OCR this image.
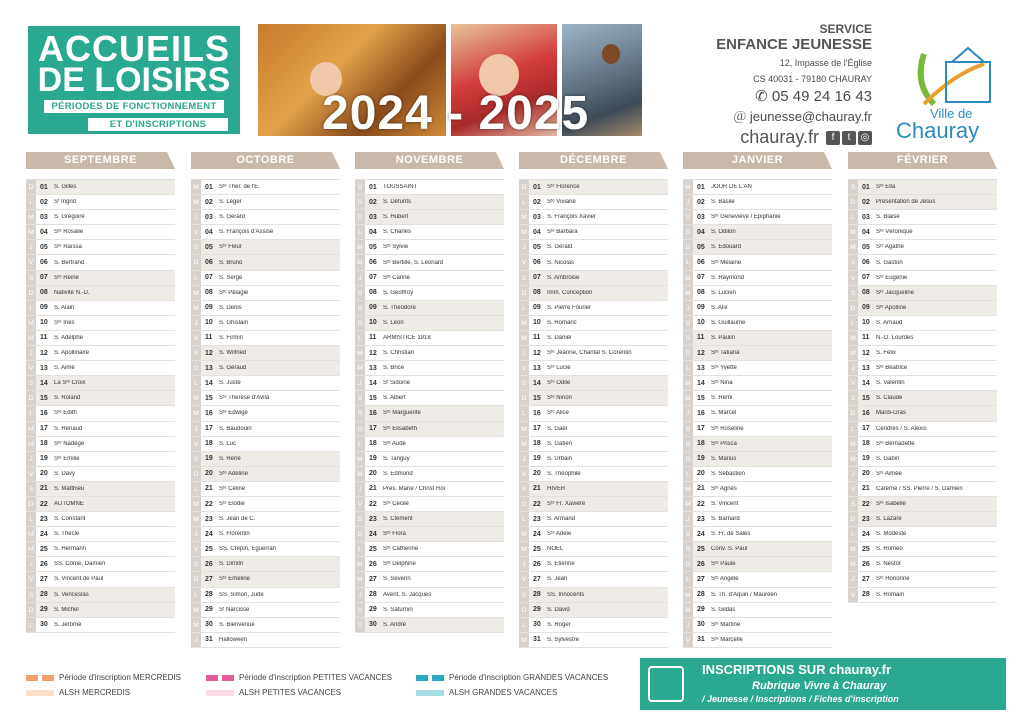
ACCUEILS
DE LOISIRS
PÉRIODES DE FONCTIONNEMENT
ET D'INSCRIPTIONS	2024 - 2025
SERVICE
ENFANCE JEUNESSE
12, Impasse de l'Église
CS 40031 - 79180 CHAURAY
✆ 05 49 24 16 43
＠ jeunesse@chauray.fr
chauray.fr f t ◎
Ville de
Chauray
SEPTEMBRE
D 01	S. Gilles
L	02	Sᵗ Ingrid
M 03	S. Grégoire
M 04	Sᵗᵉ Rosalie
J	05	Sᵗᵉ Raïssa
V 06	S. Bertrand
S 07	Sᵗᵉ Reine
D 08	Nativité N.-D.
L	09	S. Alain
M 10	Sᵗᵉ Inès
M 11	S. Adelphe
J	12	S. Apollinaire
V 13	S. Aimé
S 14	La Sᵗᵉ Croix
D 15	S. Roland
L	16	Sᵗᵉ Édith
M 17	S. Renaud
M 18	Sᵗᵉ Nadège
J	19	Sᵗᵉ Émilie
V 20	S. Davy
S 21	S. Matthieu
D 22	AUTOMNE
L	23	S. Constant
M 24	S. Thècle
M 25	S. Hermann
J	26	SS. Côme, Damien
V 27	S. Vincent de Paul
S 28	S. Venceslas
D 29	S. Michel
L	30	S. Jérôme
OCTOBRE
M 01	Sᵗᵉ Thér. de l'E.
M 02	S. Léger
J	03	S. Gérard
V 04	S. François d'Assise
S 05	Sᵗᵉ Fleur
D 06	S. Bruno
L	07	S. Serge
M 08	Sᵗᵉ Pélagie
M 09	S. Denis
J	10	S. Ghislain
V 11	S. Firmin
S 12	S. Wilfried
D 13	S. Géraud
L	14	S. Juste
M 15	Sᵗᵉ Thérèse d'Avila
M 16	Sᵗᵉ Edwige
J	17	S. Baudouin
V 18	S. Luc
S 19	S. René
D 20	Sᵗᵉ Adeline
L	21	Sᵗᵉ Céline
M 22	Sᵗᵉ Élodie
M 23	S. Jean de C.
J	24	S. Florentin
V 25	SS. Crépin, Eguerran
S 26	S. Dimitri
D 27	Sᵗᵉ Émeline
L	28	SS. Simon, Jude
M 29	Sᵗ Narcisse
M 30	S. Bienvenue
J	31	Halloween
NOVEMBRE
V 01	TOUSSAINT
S 02	S. Défunts
D 03	S. Hubert
L	04	S. Charles
M 05	Sᵗᵉ Sylvie
M 06	Sᵗᵉ Bertille, S. Léonard
J	07	Sᵗᵉ Carine
V 08	S. Geoffroy
S 09	S. Théodore
D 10	S. Léon
L	11	ARMISTICE 1918
M 12	S. Christian
M 13	S. Brice
J	14	Sᵗ Sidoine
V 15	S. Albert
S 16	Sᵗᵉ Marguerite
D 17	Sᵗᵉ Élisabeth
L	18	Sᵗᵉ Aude
M 19	S. Tanguy
M 20	S. Edmond
J	21	Prés. Marie / Christ Roi
V 22	Sᵗᵉ Cécile
S 23	S. Clément
D 24	Sᵗᵉ Flora
L	25	Sᵗᵉ Catherine
M 26	Sᵗᵉ Delphine
M 27	S. Séverin
J	28	Avent, S. Jacques
V 29	S. Saturnin
S 30	S. André
DÉCEMBRE
D 01	Sᵗᵉ Florence
L	02	Sᵗᵉ Viviane
M 03	S. François Xavier
M 04	Sᵗᵉ Barbara
J	05	S. Gérald
V 06	S. Nicolas
S 07	S. Ambroise
D 08	Imm. Conception
L	09	S. Pierre Fourier
M 10	S. Romaric
M 11	S. Daniel
J	12	Sᵗᵉ Jeanne, Chantal S. Corentin
V 13	Sᵗᵉ Lucie
S 14	Sᵗᵉ Odile
D 15	Sᵗᵉ Ninon
L	16	Sᵗᵉ Alice
M 17	S. Gaël
M 18	S. Gatien
J	19	S. Urbain
V 20	S. Théophile
S 21	HIVER
D 22	Sᵗᵉ Fr. Xavière
L	23	S. Armand
M 24	Sᵗᵉ Adèle
M 25	NOËL
J	26	S. Étienne
V 27	S. Jean
S 28	SS. Innocents
D 29	S. David
L	30	S. Roger
M 31	S. Sylvestre
JANVIER
M 01	JOUR DE L'AN
J	02	S. Basile
V 03	Sᵗᵉ Geneviève / Epiphanie
S 04	S. Odilon
D 05	S. Édouard
L	06	Sᵗᵉ Mélaine
M 07	S. Raymond
M 08	S. Lucien
J	09	S. Alix
V 10	S. Guillaume
S 11	S. Paulin
D 12	Sᵗᵉ Tatiana
L	13	Sᵗᵉ Yvette
M 14	Sᵗᵉ Nina
M 15	S. Rémi
J	16	S. Marcel
V 17	Sᵗᵉ Roseline
S 18	Sᵗᵉ Prisca
D 19	S. Marius
L	20	S. Sébastien
M 21	Sᵗᵉ Agnès
M 22	S. Vincent
J	23	S. Barnard
V 24	S. Fr. de Sales
S 25	Conv. S. Paul
D 26	Sᵗᵉ Paule
L	27	Sᵗᵉ Angèle
M 28	S. Th. d'Aquin / Maureen
M 29	S. Gildas
J	30	Sᵗᵉ Martine
V 31	Sᵗᵉ Marcelle
FÉVRIER
S 01	Sᵗᵉ Ella
D 02	Présentation de Jésus
L	03	S. Blaise
M 04	Sᵗᵉ Véronique
M 05	Sᵗᵉ Agathe
J	06	S. Gaston
V 07	Sᵗᵉ Eugénie
S 08	Sᵗᵉ Jacqueline
D 09	Sᵗᵉ Apolline
L	10	S. Arnaud
M 11	N.-D. Lourdes
M 12	S. Félix
J	13	Sᵗᵉ Béatrice
V 14	S. Valentin
S 15	S. Claude
D 16	Mardi-Gras
L	17	Cendres / S. Alexis
M 18	Sᵗᵉ Bernadette
M 19	S. Gabin
J	20	Sᵗᵉ Aimée
V 21	Carême / SS. Pierre / S. Damien
S 22	Sᵗᵉ Isabelle
D 23	S. Lazare
L	24	S. Modeste
M 25	S. Roméo
M 26	S. Nestor
J	27	Sᵗᵉ Honorine
V 28	S. Romain
Période d'inscription MERCREDIS
ALSH MERCREDIS
Période d'inscription PETITES VACANCES
ALSH PETITES VACANCES
Période d'inscription GRANDES VACANCES
ALSH GRANDES VACANCES
INSCRIPTIONS SUR chauray.fr
Rubrique Vivre à Chauray
/ Jeunesse / Inscriptions / Fiches d'inscription
